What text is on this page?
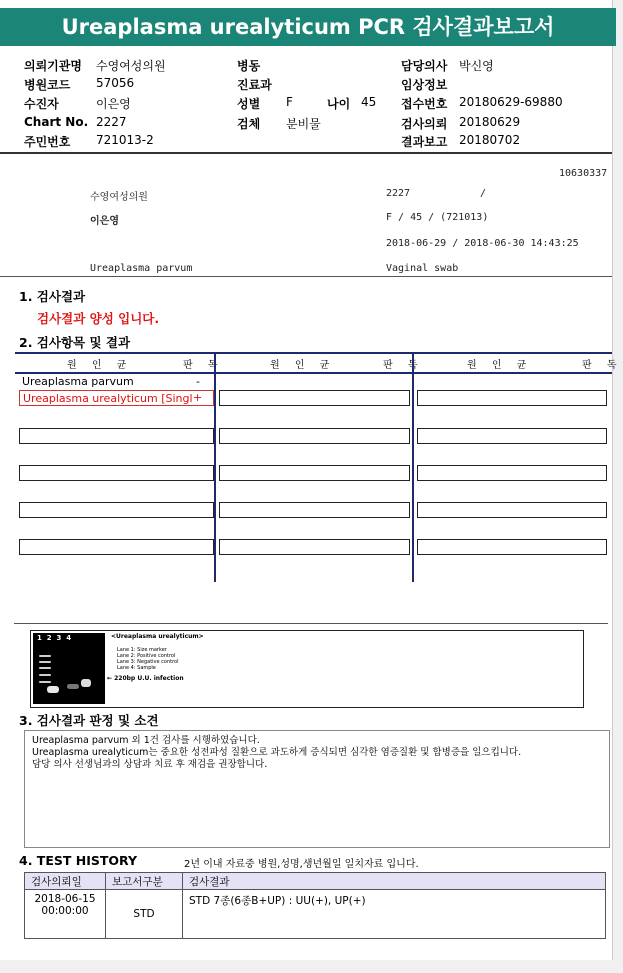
Ureaplasma urealyticum PCR 검사결과보고서
의뢰기관명 수영여성의원	병동	담당의사 박신영
병원코드 57056	진료과	임상정보
수진자	이은영	성별 F	나이 45 접수번호 20180629-69880
Chart No. 2227	검체 분비물	검사의뢰 20180629
주민번호 721013-2	결과보고 20180702
10630337
수영여성의원	2227	/
이은영	F / 45 / (721013)
2018-06-29 / 2018-06-30 14:43:25
Ureaplasma parvum	Vaginal swab
1. 검사결과
검사결과 양성 입니다.
2. 검사항목 및 결과
원 인 균	판 독	원 인 균	판 독	원 인 균	판 독
Ureaplasma parvum	-
Ureaplasma urealyticum [Singl +
1  2  3  4	<Ureaplasma urealyticum>
Lane 1: Size marker
Lane 2: Positive control
Lane 3: Negative control
Lane 4: Sample
← 220bp U.U. infection
3. 검사결과 판정 및 소견
Ureaplasma parvum 외 1건 검사를 시행하였습니다.
Ureaplasma urealyticum는 중요한 성전파성 질환으로 과도하게 증식되면 심각한 염증질환 및 합병증을 일으킵니다.
담당 의사 선생님과의 상담과 치료 후 재검을 권장합니다.
4. TEST HISTORY	2년 이내 자료중 병원,성명,생년월일 일치자료 입니다.
검사의뢰일	보고서구분	검사결과

2018-06-15
00:00:00	STD	STD 7종(6종B+UP) : UU(+), UP(+)
